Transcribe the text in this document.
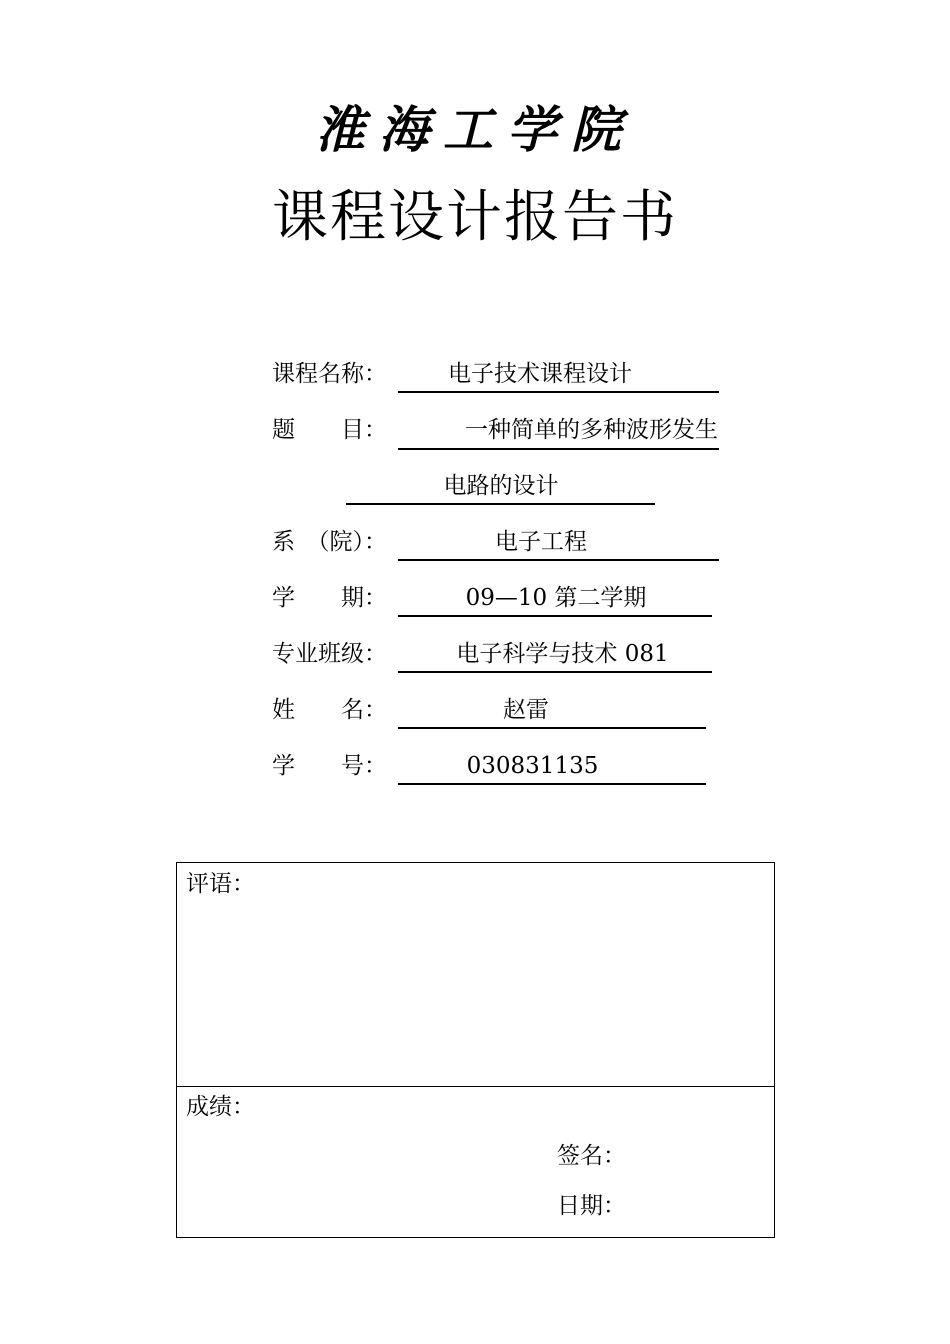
淮海工学院
课程设计报告书
课程名称：	电子技术课程设计
题　　目：	一种简单的多种波形发生
电路的设计
系　（院）：	电子工程
学　　期：	09—10 第二学期
专业班级：	电子科学与技术 081
姓　　名：	赵雷
学　　号：	030831135
评语：
成绩：
签名：
日期：
